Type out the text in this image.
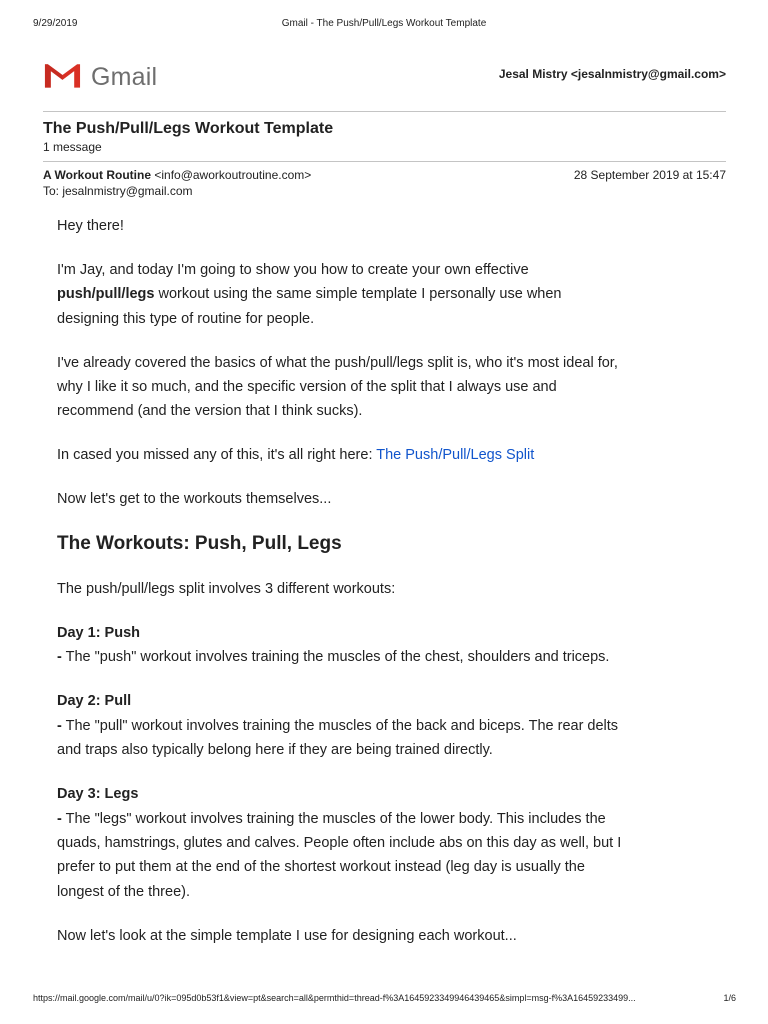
9/29/2019	Gmail - The Push/Pull/Legs Workout Template
Gmail	Jesal Mistry <jesalnmistry@gmail.com>
The Push/Pull/Legs Workout Template
1 message
A Workout Routine <info@aworkoutroutine.com>	28 September 2019 at 15:47
To: jesalnmistry@gmail.com

Hey there!

I'm Jay, and today I'm going to show you how to create your own effective push/pull/legs workout using the same simple template I personally use when designing this type of routine for people.

I've already covered the basics of what the push/pull/legs split is, who it's most ideal for, why I like it so much, and the specific version of the split that I always use and recommend (and the version that I think sucks).

In cased you missed any of this, it's all right here: The Push/Pull/Legs Split

Now let's get to the workouts themselves...

The Workouts: Push, Pull, Legs

The push/pull/legs split involves 3 different workouts:

Day 1: Push
- The "push" workout involves training the muscles of the chest, shoulders and triceps.
Day 2: Pull
- The "pull" workout involves training the muscles of the back and biceps. The rear delts and traps also typically belong here if they are being trained directly.
Day 3: Legs
- The "legs" workout involves training the muscles of the lower body. This includes the quads, hamstrings, glutes and calves. People often include abs on this day as well, but I prefer to put them at the end of the shortest workout instead (leg day is usually the longest of the three).

Now let's look at the simple template I use for designing each workout...

https://mail.google.com/mail/u/0?ik=095d0b53f1&view=pt&search=all&permthid=thread-f%3A1645923349946439465&simpl=msg-f%3A16459233499...	1/6
